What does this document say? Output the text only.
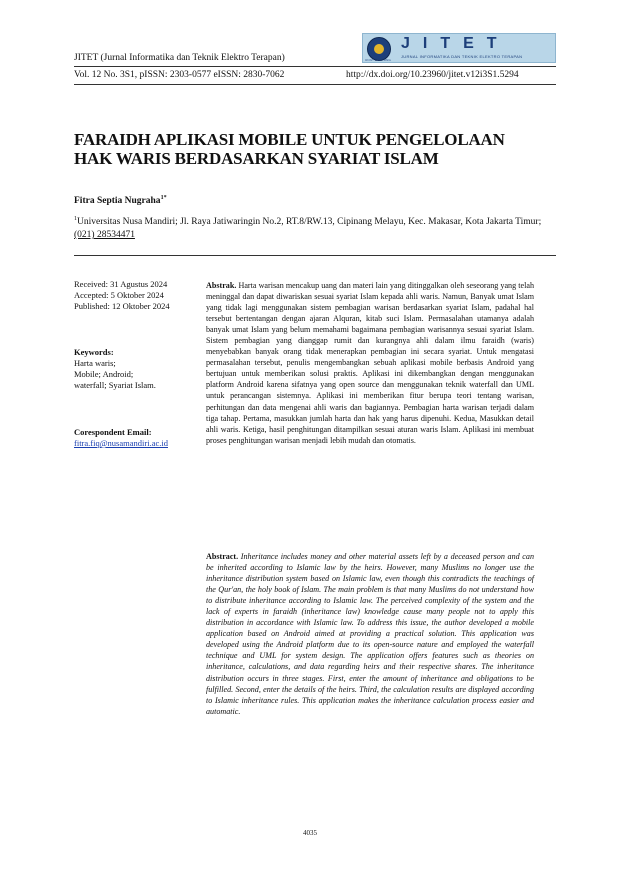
JITET (Jurnal Informatika dan Teknik Elektro Terapan)	UNIV. LAMPUNG
JITET
JURNAL INFORMATIKA DAN TEKNIK ELEKTRO TERAPAN
Vol. 12 No. 3S1, pISSN: 2303-0577 eISSN: 2830-7062	http://dx.doi.org/10.23960/jitet.v12i3S1.5294
FARAIDH APLIKASI MOBILE UNTUK PENGELOLAAN HAK WARIS BERDASARKAN SYARIAT ISLAM
Fitra Septia Nugraha$^{1*}$
$^1$Universitas Nusa Mandiri; Jl. Raya Jatiwaringin No.2, RT.8/RW.13, Cipinang Melayu, Kec. Makasar, Kota Jakarta Timur; (021) 28534471
Received: 31 Agustus 2024
Accepted: 5 Oktober 2024
Published: 12 Oktober 2024
Keywords:
Harta waris;
Mobile; Android;
waterfall; Syariat Islam.
Corespondent Email:
fitra.fiq@nusamandiri.ac.id
Abstrak. Harta warisan mencakup uang dan materi lain yang ditinggalkan oleh seseorang yang telah meninggal dan dapat diwariskan sesuai syariat Islam kepada ahli waris. Namun, Banyak umat Islam yang tidak lagi menggunakan sistem pembagian warisan berdasarkan syariat Islam, padahal hal tersebut bertentangan dengan ajaran Alquran, kitab suci Islam. Permasalahan utamanya adalah banyak umat Islam yang belum memahami bagaimana pembagian warisannya sesuai syariat Islam. Sistem pembagian yang dianggap rumit dan kurangnya ahli dalam ilmu faraidh (waris) menyebabkan banyak orang tidak menerapkan pembagian ini secara syariat. Untuk mengatasi permasalahan tersebut, penulis mengembangkan sebuah aplikasi mobile berbasis Android yang bertujuan untuk memberikan solusi praktis. Aplikasi ini dikembangkan dengan menggunakan platform Android karena sifatnya yang open source dan menggunakan teknik waterfall dan UML untuk perancangan sistemnya. Aplikasi ini memberikan fitur berupa teori tentang warisan, perhitungan dan data mengenai ahli waris dan bagiannya. Pembagian harta warisan terjadi dalam tiga tahap. Pertama, masukkan jumlah harta dan hak yang harus dipenuhi. Kedua, Masukkan detail ahli waris. Ketiga, hasil penghitungan ditampilkan sesuai aturan waris Islam. Aplikasi ini membuat proses penghitungan warisan menjadi lebih mudah dan otomatis.
Abstract. Inheritance includes money and other material assets left by a deceased person and can be inherited according to Islamic law by the heirs. However, many Muslims no longer use the inheritance distribution system based on Islamic law, even though this contradicts the teachings of the Qur'an, the holy book of Islam. The main problem is that many Muslims do not understand how to distribute inheritance according to Islamic law. The perceived complexity of the system and the lack of experts in faraidh (inheritance law) knowledge cause many people not to apply this distribution in accordance with Islamic law. To address this issue, the author developed a mobile application based on Android aimed at providing a practical solution. This application was developed using the Android platform due to its open-source nature and employed the waterfall technique and UML for system design. The application offers features such as theories on inheritance, calculations, and data regarding heirs and their respective shares. The inheritance distribution occurs in three stages. First, enter the amount of inheritance and obligations to be fulfilled. Second, enter the details of the heirs. Third, the calculation results are displayed according to Islamic inheritance rules. This application makes the inheritance calculation process easier and automatic.
4035
